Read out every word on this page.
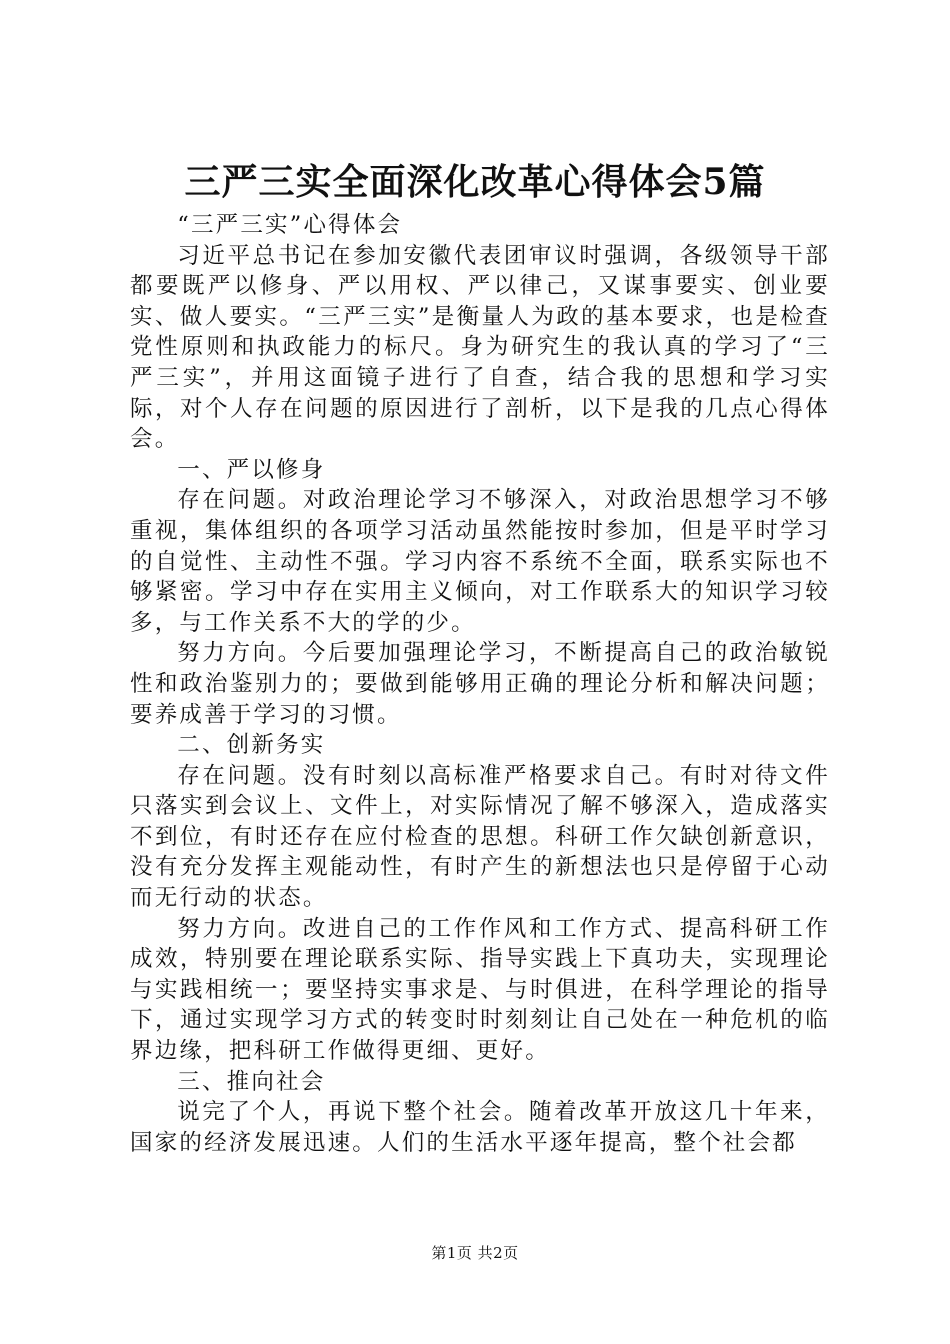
三严三实全面深化改革心得体会5篇

“三严三实”心得体会

习近平总书记在参加安徽代表团审议时强调，各级领导干部都要既严以修身、严以用权、严以律己，又谋事要实、创业要实、做人要实。“三严三实”是衡量人为政的基本要求，也是检查党性原则和执政能力的标尺。身为研究生的我认真的学习了“三严三实”，并用这面镜子进行了自查，结合我的思想和学习实际，对个人存在问题的原因进行了剖析，以下是我的几点心得体会。

一、严以修身

存在问题。对政治理论学习不够深入，对政治思想学习不够重视，集体组织的各项学习活动虽然能按时参加，但是平时学习的自觉性、主动性不强。学习内容不系统不全面，联系实际也不够紧密。学习中存在实用主义倾向，对工作联系大的知识学习较多，与工作关系不大的学的少。

努力方向。今后要加强理论学习，不断提高自己的政治敏锐性和政治鉴别力的；要做到能够用正确的理论分析和解决问题；要养成善于学习的习惯。

二、创新务实

存在问题。没有时刻以高标准严格要求自己。有时对待文件只落实到会议上、文件上，对实际情况了解不够深入，造成落实不到位，有时还存在应付检查的思想。科研工作欠缺创新意识，没有充分发挥主观能动性，有时产生的新想法也只是停留于心动而无行动的状态。

努力方向。改进自己的工作作风和工作方式、提高科研工作成效，特别要在理论联系实际、指导实践上下真功夫，实现理论与实践相统一；要坚持实事求是、与时俱进，在科学理论的指导下，通过实现学习方式的转变时时刻刻让自己处在一种危机的临界边缘，把科研工作做得更细、更好。

三、推向社会

说完了个人，再说下整个社会。随着改革开放这几十年来，国家的经济发展迅速。人们的生活水平逐年提高，整个社会都

第1页 共2页
